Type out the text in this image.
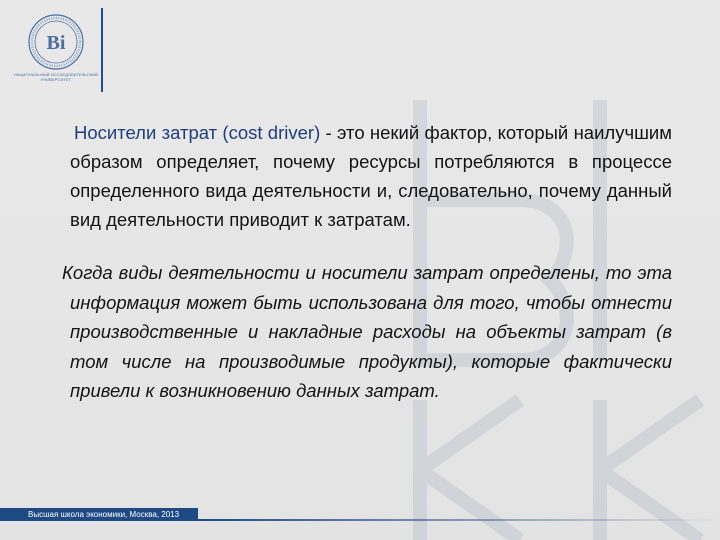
Ві
НАЦИОНАЛЬНЫЙ ИССЛЕДОВАТЕЛЬСКИЙ УНИВЕРСИТЕТ

Носители затрат (cost driver) - это некий фактор, который наилучшим образом определяет, почему ресурсы потребляются в процессе определенного вида деятельности и, следовательно, почему данный вид деятельности приводит к затратам.

Когда виды деятельности и носители затрат определены, то эта информация может быть использована для того, чтобы отнести производственные и накладные расходы на объекты затрат (в том числе на производимые продукты), которые фактически привели к возникновению данных затрат.

Высшая школа экономики, Москва, 2013
